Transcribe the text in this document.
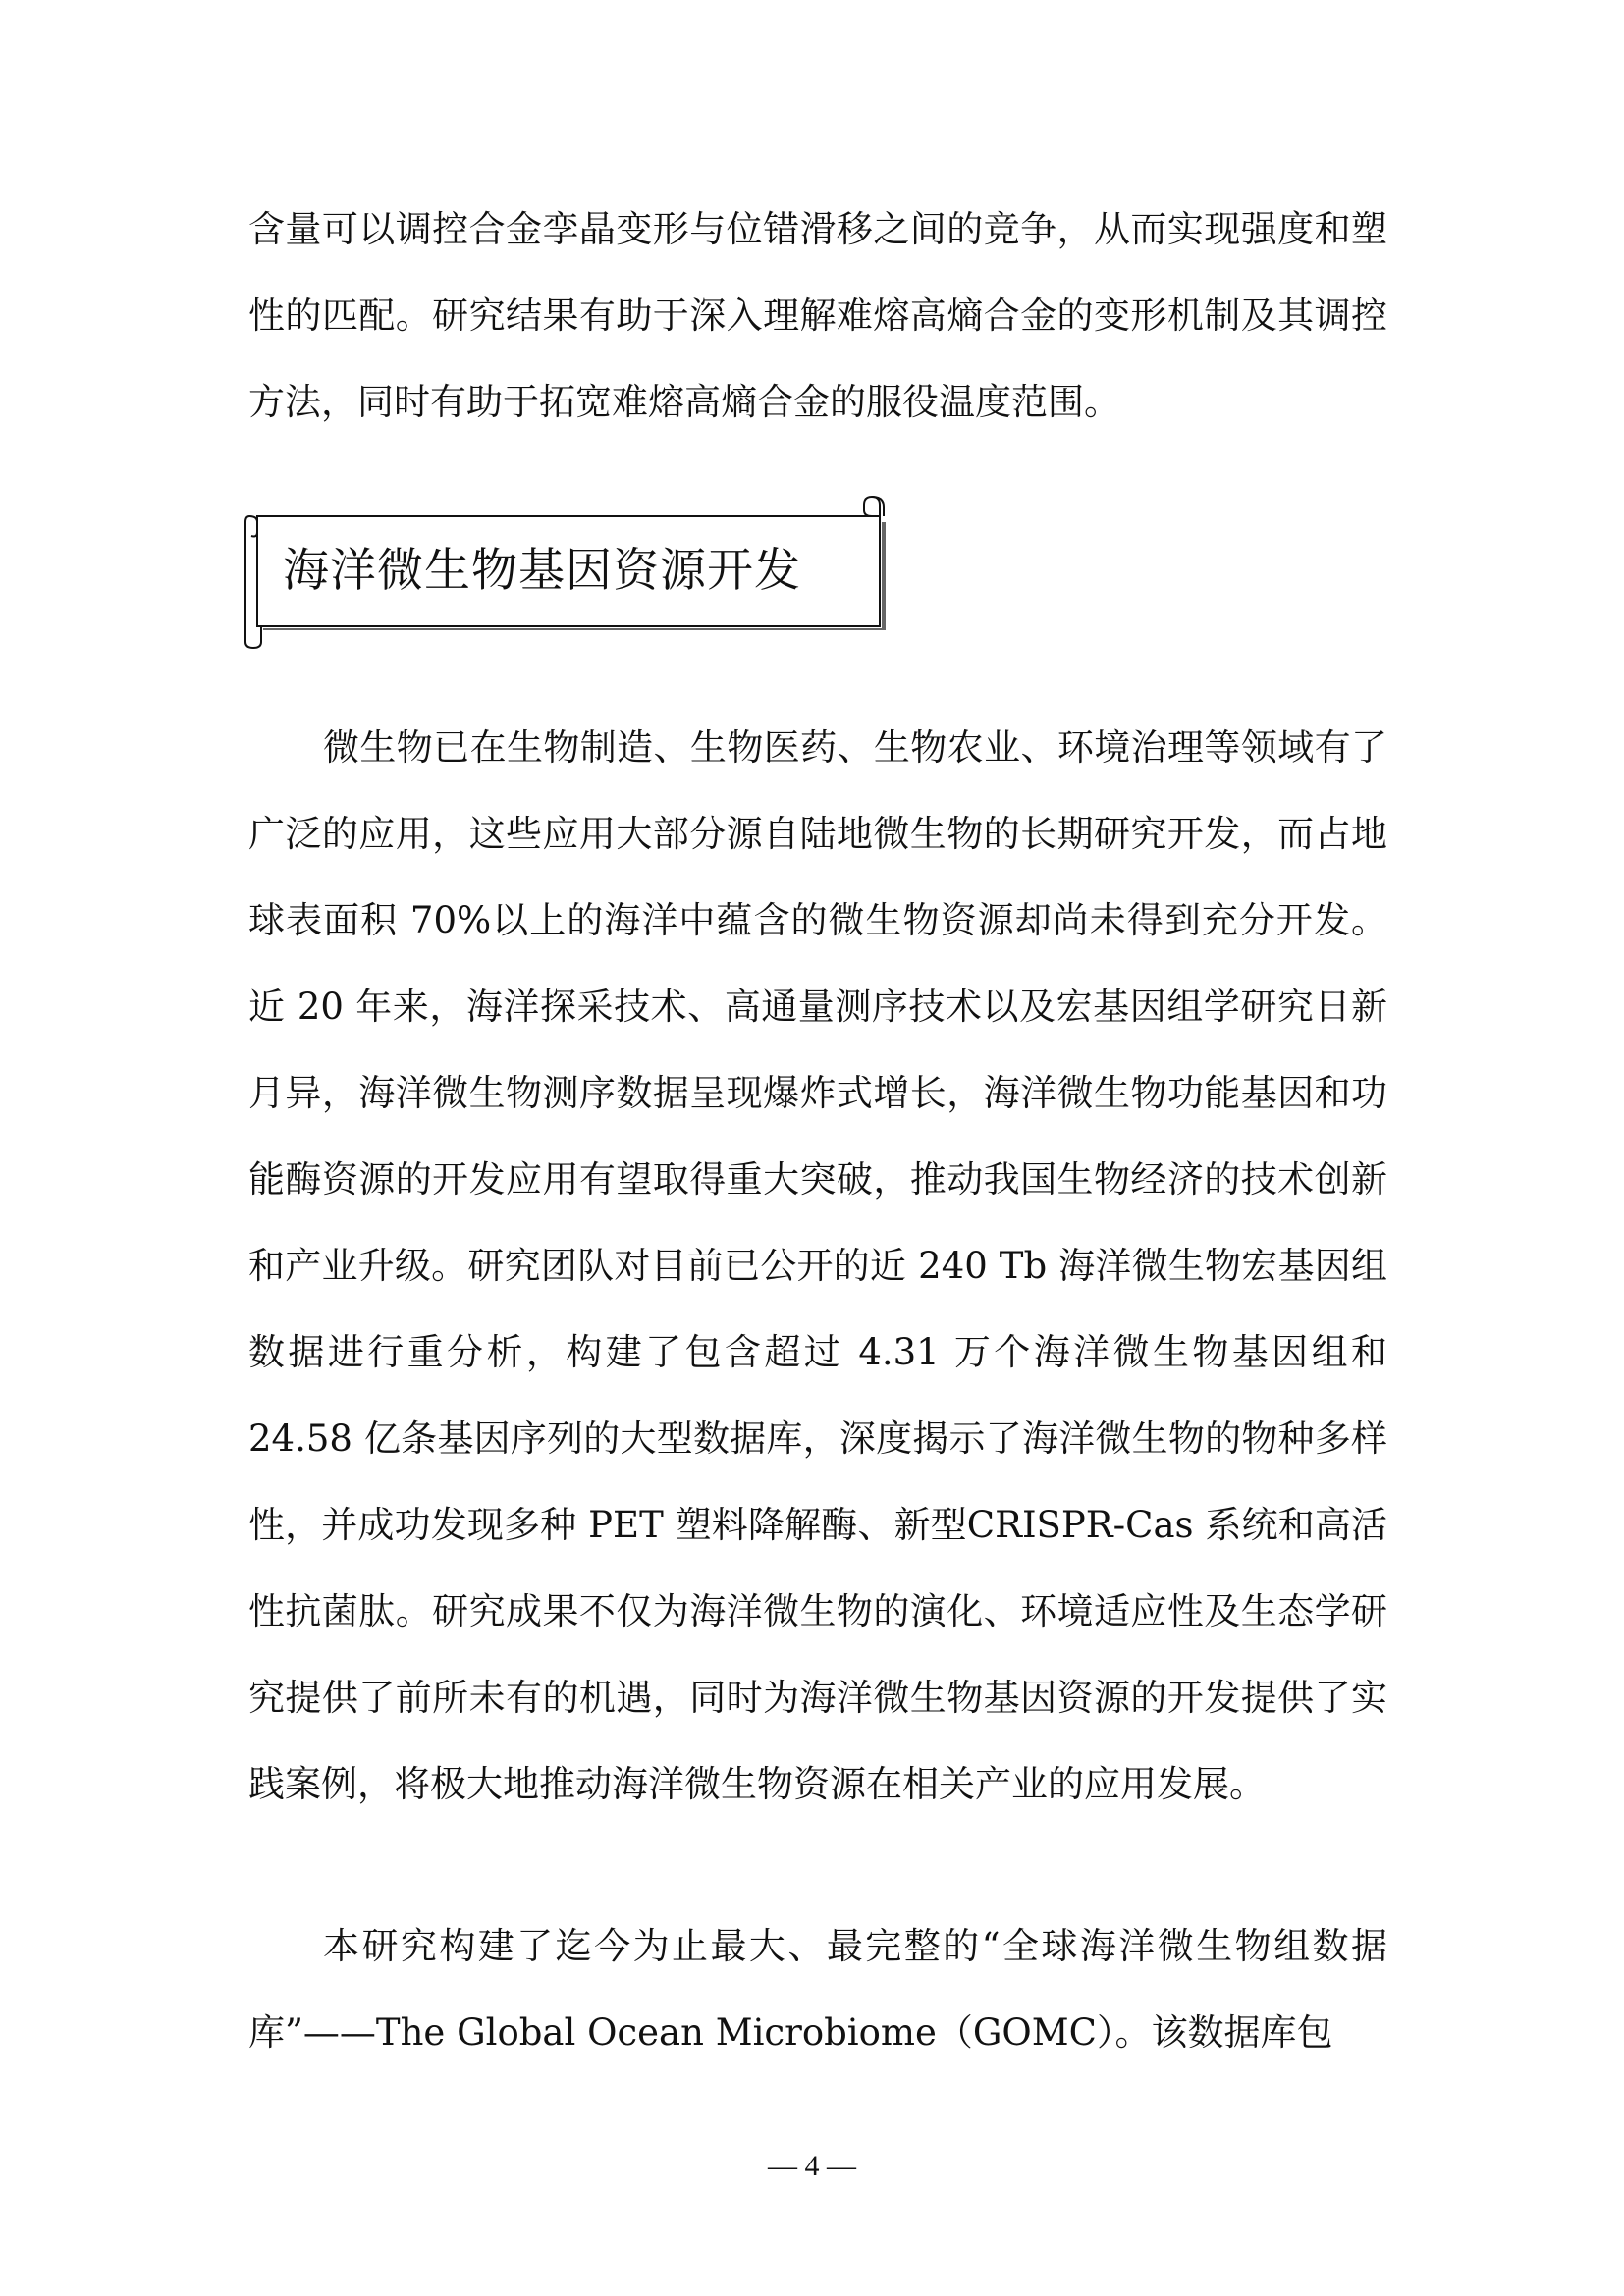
含量可以调控合金孪晶变形与位错滑移之间的竞争，从而实现强度和塑性的匹配。研究结果有助于深入理解难熔高熵合金的变形机制及其调控方法，同时有助于拓宽难熔高熵合金的服役温度范围。

海洋微生物基因资源开发

微生物已在生物制造、生物医药、生物农业、环境治理等领域有了广泛的应用，这些应用大部分源自陆地微生物的长期研究开发，而占地球表面积 70%以上的海洋中蕴含的微生物资源却尚未得到充分开发。近 20 年来，海洋探采技术、高通量测序技术以及宏基因组学研究日新月异，海洋微生物测序数据呈现爆炸式增长，海洋微生物功能基因和功能酶资源的开发应用有望取得重大突破，推动我国生物经济的技术创新和产业升级。研究团队对目前已公开的近 240 Tb 海洋微生物宏基因组数据进行重分析，构建了包含超过 4.31 万个海洋微生物基因组和 24.58 亿条基因序列的大型数据库，深度揭示了海洋微生物的物种多样性，并成功发现多种 PET 塑料降解酶、新型CRISPR-Cas 系统和高活性抗菌肽。研究成果不仅为海洋微生物的演化、环境适应性及生态学研究提供了前所未有的机遇，同时为海洋微生物基因资源的开发提供了实践案例，将极大地推动海洋微生物资源在相关产业的应用发展。

本研究构建了迄今为止最大、最完整的“全球海洋微生物组数据库”——The Global Ocean Microbiome（GOMC）。该数据库包

— 4 —
